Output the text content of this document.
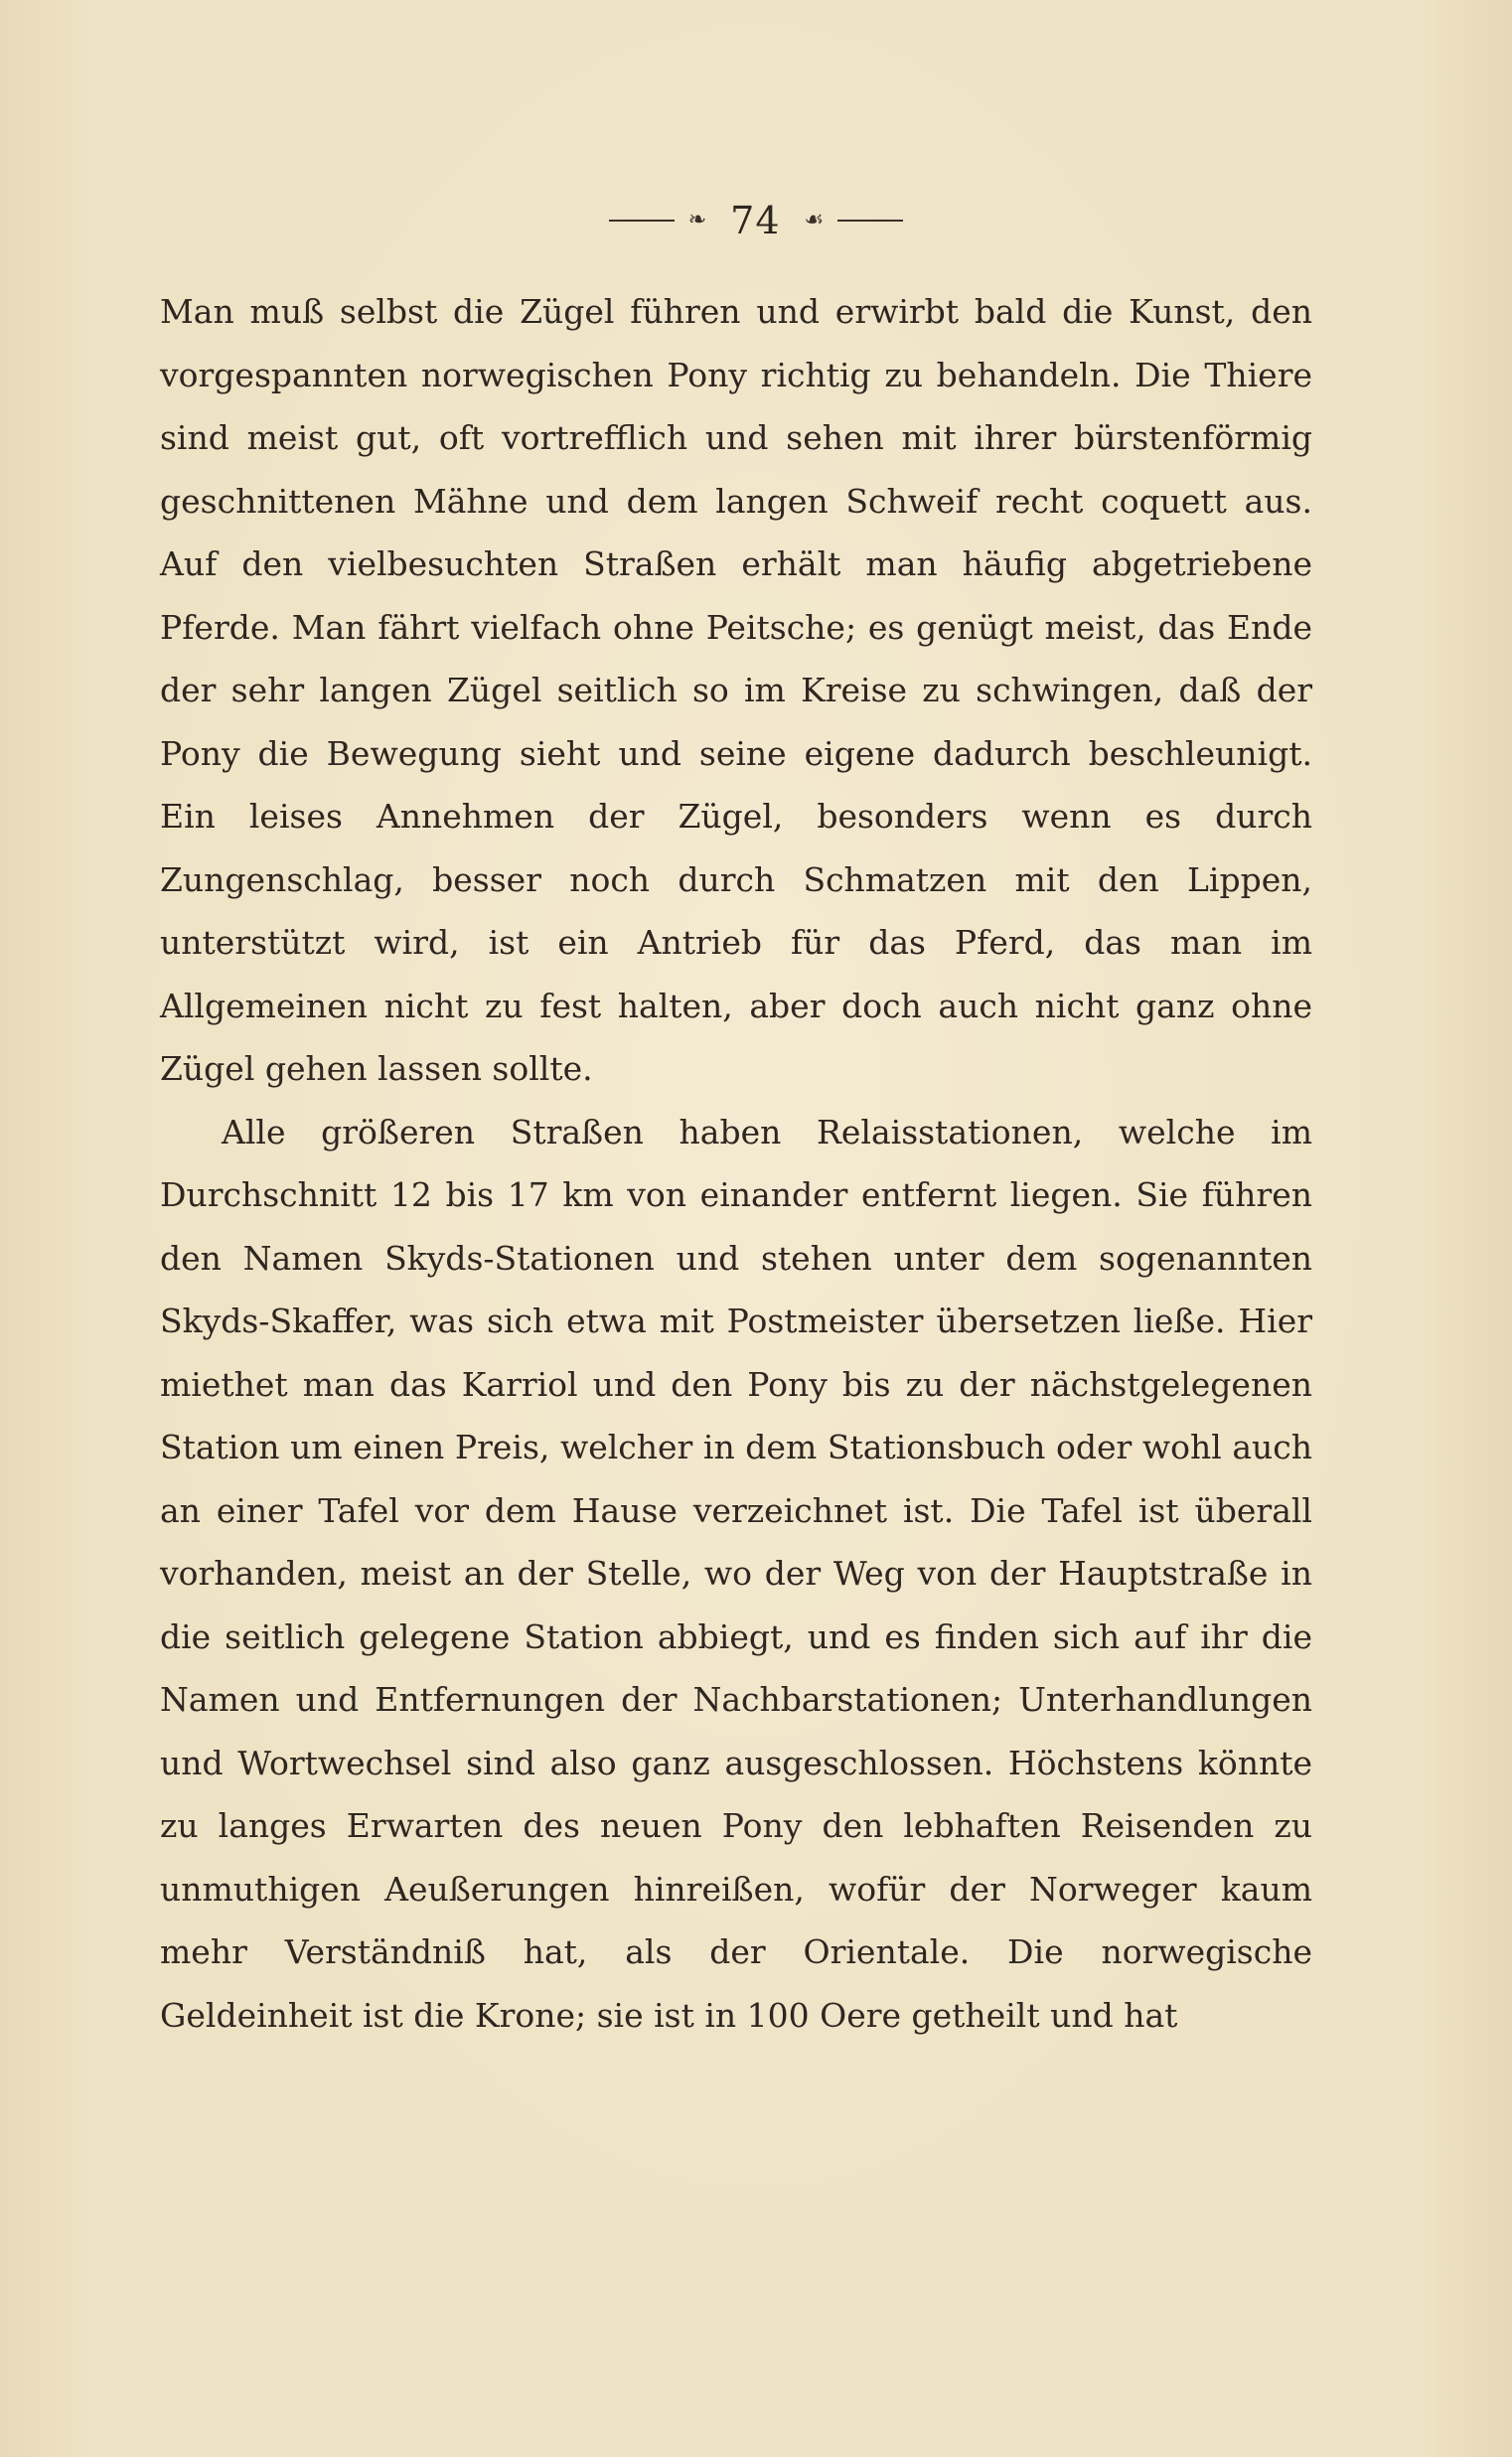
❧ 74 ☙

Man muß selbst die Zügel führen und erwirbt bald die Kunst, den vorgespannten norwegischen Pony richtig zu behandeln. Die Thiere sind meist gut, oft vortrefflich und sehen mit ihrer bürstenförmig geschnittenen Mähne und dem langen Schweif recht coquett aus. Auf den vielbesuchten Straßen erhält man häufig abgetriebene Pferde. Man fährt vielfach ohne Peitsche; es genügt meist, das Ende der sehr langen Zügel seitlich so im Kreise zu schwingen, daß der Pony die Bewegung sieht und seine eigene dadurch beschleunigt. Ein leises Annehmen der Zügel, besonders wenn es durch Zungenschlag, besser noch durch Schmatzen mit den Lippen, unterstützt wird, ist ein Antrieb für das Pferd, das man im Allgemeinen nicht zu fest halten, aber doch auch nicht ganz ohne Zügel gehen lassen sollte.

Alle größeren Straßen haben Relaisstationen, welche im Durchschnitt 12 bis 17 km von einander entfernt liegen. Sie führen den Namen Skyds-Stationen und stehen unter dem sogenannten Skyds-Skaffer, was sich etwa mit Postmeister übersetzen ließe. Hier miethet man das Karriol und den Pony bis zu der nächstgelegenen Station um einen Preis, welcher in dem Stationsbuch oder wohl auch an einer Tafel vor dem Hause verzeichnet ist. Die Tafel ist überall vorhanden, meist an der Stelle, wo der Weg von der Hauptstraße in die seitlich gelegene Station abbiegt, und es finden sich auf ihr die Namen und Entfernungen der Nachbarstationen; Unterhandlungen und Wortwechsel sind also ganz ausgeschlossen. Höchstens könnte zu langes Erwarten des neuen Pony den lebhaften Reisenden zu unmuthigen Aeußerungen hinreißen, wofür der Norweger kaum mehr Verständniß hat, als der Orientale. Die norwegische Geldeinheit ist die Krone; sie ist in 100 Oere getheilt und hat
